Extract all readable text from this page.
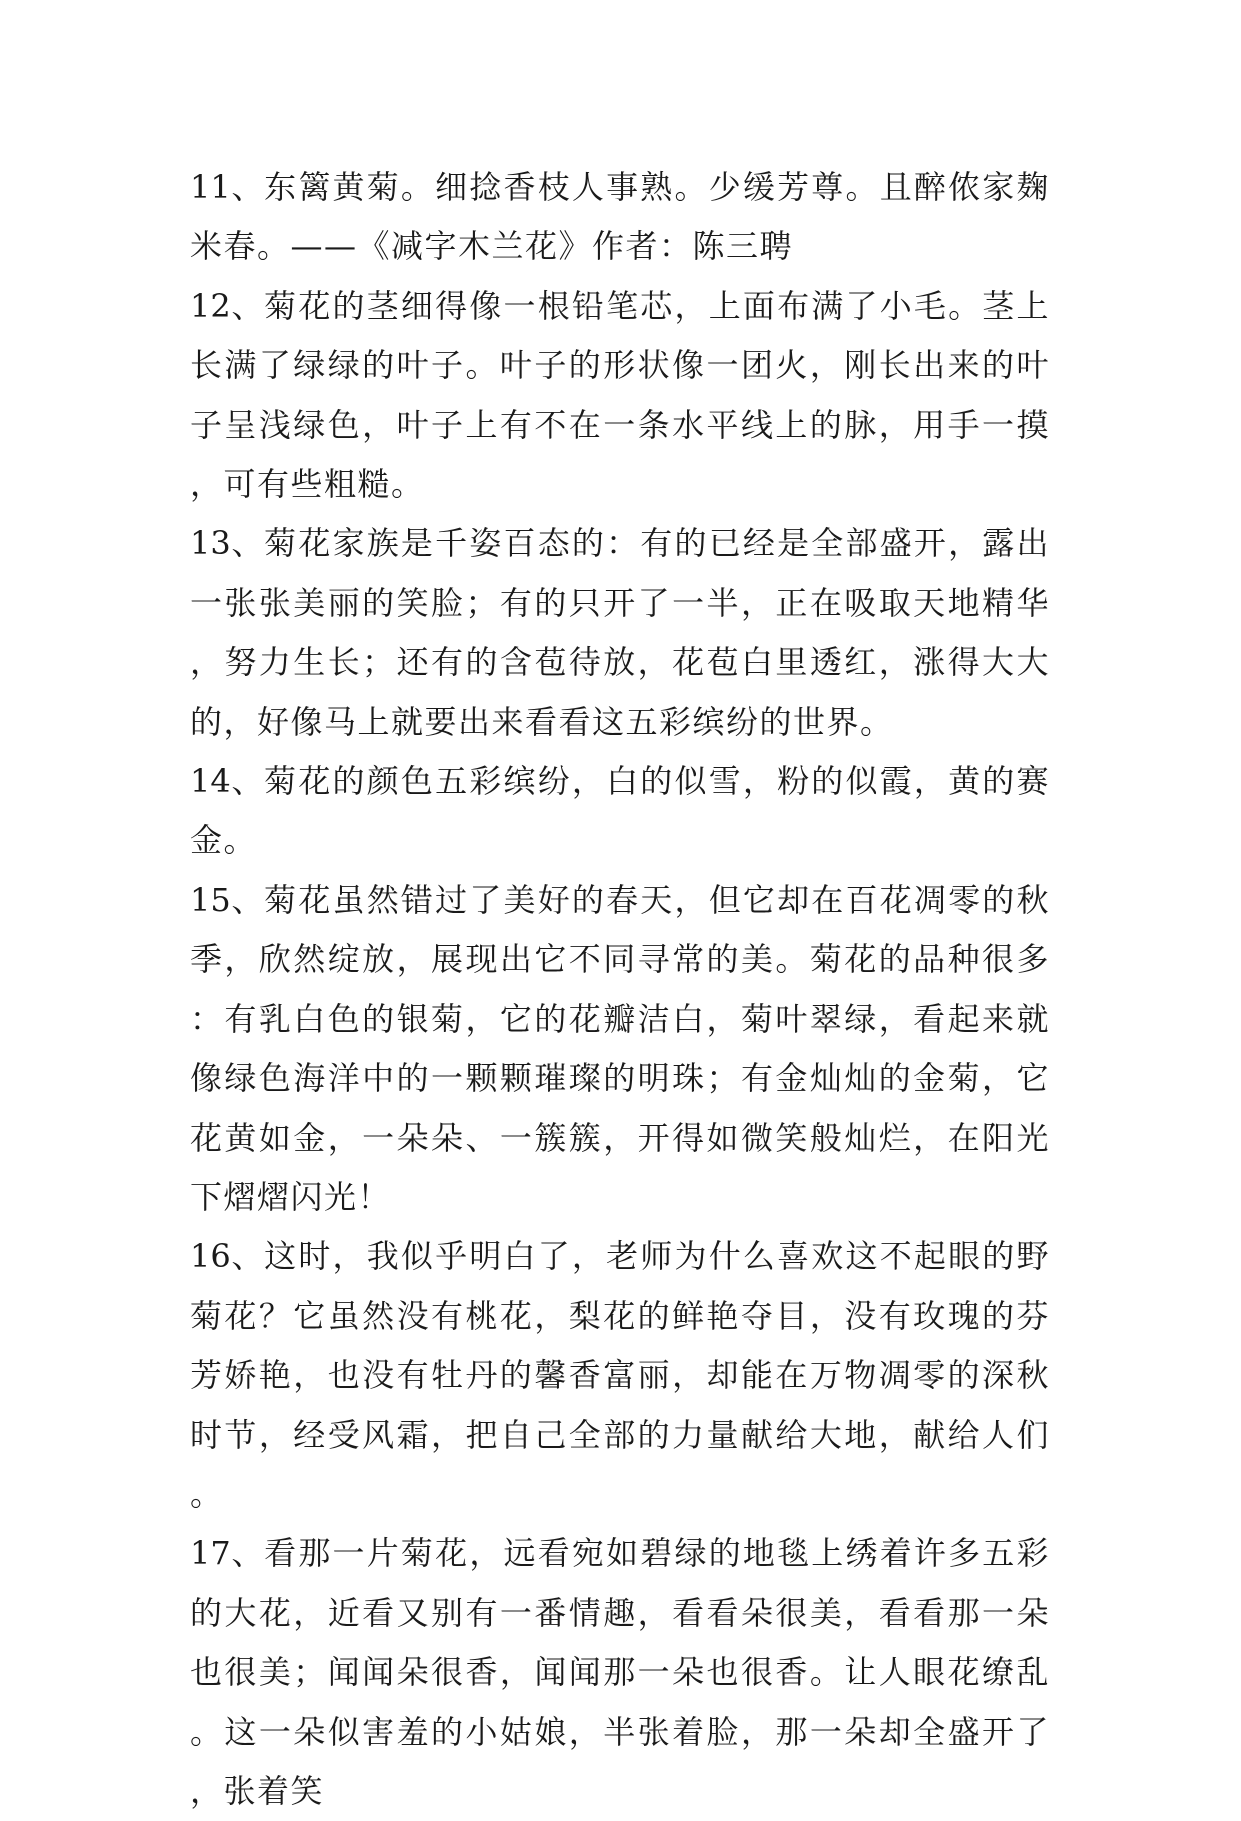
11、东篱黄菊。细捻香枝人事熟。少缓芳尊。且醉侬家麹米春。——《减字木兰花》作者：陈三聘

12、菊花的茎细得像一根铅笔芯，上面布满了小毛。茎上长满了绿绿的叶子。叶子的形状像一团火，刚长出来的叶子呈浅绿色，叶子上有不在一条水平线上的脉，用手一摸，可有些粗糙。

13、菊花家族是千姿百态的：有的已经是全部盛开，露出一张张美丽的笑脸；有的只开了一半，正在吸取天地精华，努力生长；还有的含苞待放，花苞白里透红，涨得大大的，好像马上就要出来看看这五彩缤纷的世界。

14、菊花的颜色五彩缤纷，白的似雪，粉的似霞，黄的赛金。

15、菊花虽然错过了美好的春天，但它却在百花凋零的秋季，欣然绽放，展现出它不同寻常的美。菊花的品种很多：有乳白色的银菊，它的花瓣洁白，菊叶翠绿，看起来就像绿色海洋中的一颗颗璀璨的明珠；有金灿灿的金菊，它花黄如金，一朵朵、一簇簇，开得如微笑般灿烂，在阳光下熠熠闪光！

16、这时，我似乎明白了，老师为什么喜欢这不起眼的野菊花？它虽然没有桃花，梨花的鲜艳夺目，没有玫瑰的芬芳娇艳，也没有牡丹的馨香富丽，却能在万物凋零的深秋时节，经受风霜，把自己全部的力量献给大地，献给人们。

17、看那一片菊花，远看宛如碧绿的地毯上绣着许多五彩的大花，近看又别有一番情趣，看看朵很美，看看那一朵也很美；闻闻朵很香，闻闻那一朵也很香。让人眼花缭乱。这一朵似害羞的小姑娘，半张着脸，那一朵却全盛开了，张着笑
